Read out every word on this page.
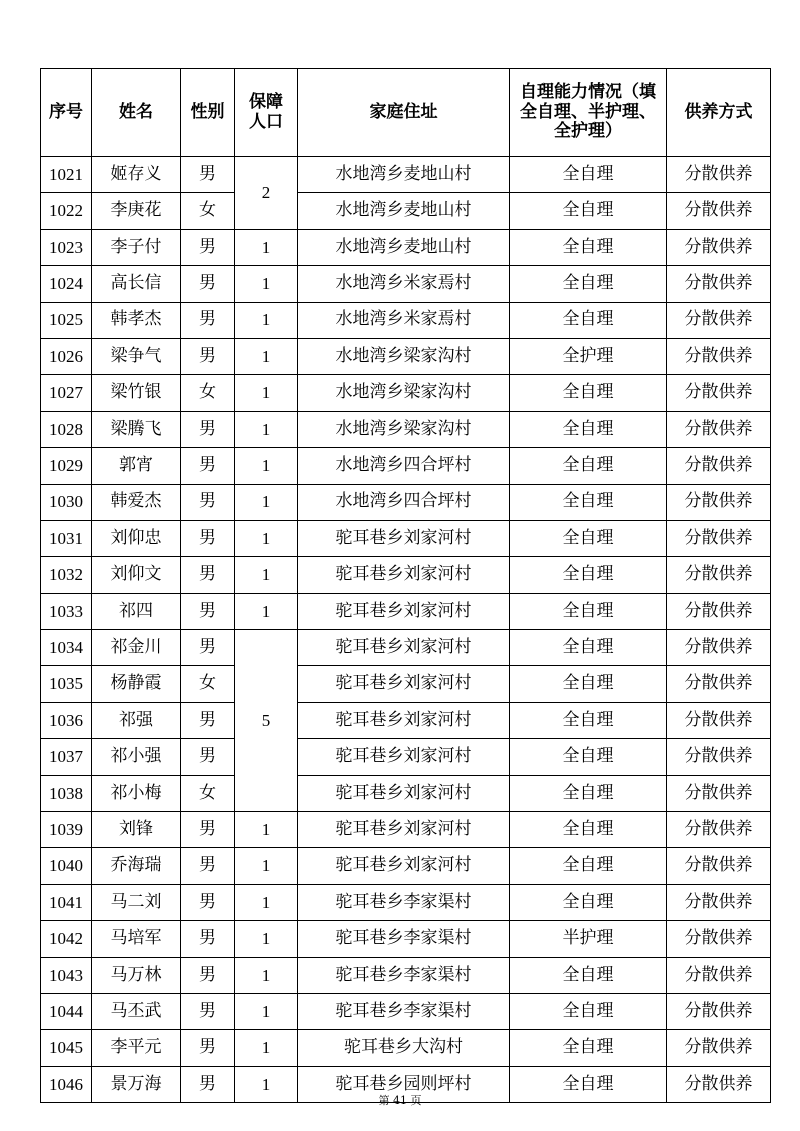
序号	姓名	性别	保障人口	家庭住址	自理能力情况（填全自理、半护理、全护理）	供养方式
1021	姬存义	男	2	水地湾乡麦地山村	全自理	分散供养
1022	李庚花	女		水地湾乡麦地山村	全自理	分散供养
1023	李子付	男	1	水地湾乡麦地山村	全自理	分散供养
1024	高长信	男	1	水地湾乡米家焉村	全自理	分散供养
1025	韩孝杰	男	1	水地湾乡米家焉村	全自理	分散供养
1026	梁争气	男	1	水地湾乡梁家沟村	全护理	分散供养
1027	梁竹银	女	1	水地湾乡梁家沟村	全自理	分散供养
1028	梁腾飞	男	1	水地湾乡梁家沟村	全自理	分散供养
1029	郭宵	男	1	水地湾乡四合坪村	全自理	分散供养
1030	韩爱杰	男	1	水地湾乡四合坪村	全自理	分散供养
1031	刘仰忠	男	1	驼耳巷乡刘家河村	全自理	分散供养
1032	刘仰文	男	1	驼耳巷乡刘家河村	全自理	分散供养
1033	祁四	男	1	驼耳巷乡刘家河村	全自理	分散供养
1034	祁金川	男	5	驼耳巷乡刘家河村	全自理	分散供养
1035	杨静霞	女		驼耳巷乡刘家河村	全自理	分散供养
1036	祁强	男		驼耳巷乡刘家河村	全自理	分散供养
1037	祁小强	男		驼耳巷乡刘家河村	全自理	分散供养
1038	祁小梅	女		驼耳巷乡刘家河村	全自理	分散供养
1039	刘锋	男	1	驼耳巷乡刘家河村	全自理	分散供养
1040	乔海瑞	男	1	驼耳巷乡刘家河村	全自理	分散供养
1041	马二刘	男	1	驼耳巷乡李家渠村	全自理	分散供养
1042	马培军	男	1	驼耳巷乡李家渠村	半护理	分散供养
1043	马万林	男	1	驼耳巷乡李家渠村	全自理	分散供养
1044	马丕武	男	1	驼耳巷乡李家渠村	全自理	分散供养
1045	李平元	男	1	驼耳巷乡大沟村	全自理	分散供养
1046	景万海	男	1	驼耳巷乡园则坪村	全自理	分散供养
第 41 页
